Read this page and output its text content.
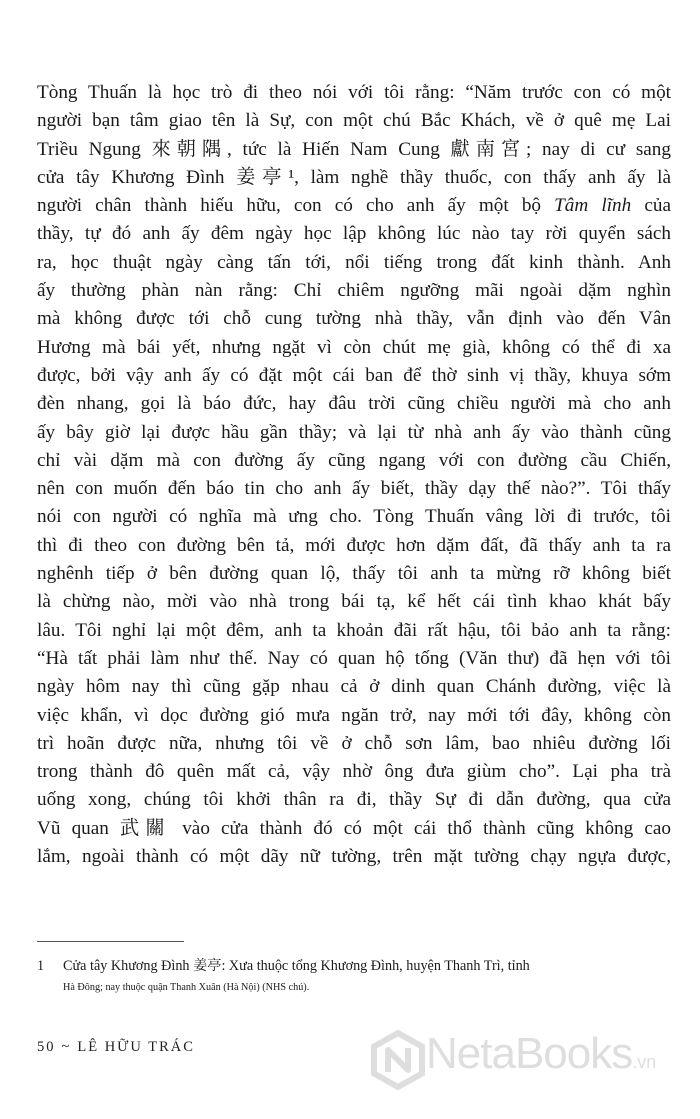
Tòng Thuấn là học trò đi theo nói với tôi rằng: “Năm trước con có một
người bạn tâm giao tên là Sự, con một chú Bắc Khách, về ở quê mẹ Lai
Triều Ngung 來朝隅, tức là Hiến Nam Cung 獻南宮; nay di cư sang
cửa tây Khương Đình 姜亭¹, làm nghề thầy thuốc, con thấy anh ấy là
người chân thành hiếu hữu, con có cho anh ấy một bộ Tâm lĩnh của
thầy, tự đó anh ấy đêm ngày học lập không lúc nào tay rời quyển sách
ra, học thuật ngày càng tấn tới, nổi tiếng trong đất kinh thành. Anh
ấy thường phàn nàn rằng: Chỉ chiêm ngưỡng mãi ngoài dặm nghìn
mà không được tới chỗ cung tường nhà thầy, vẫn định vào đến Vân
Hương mà bái yết, nhưng ngặt vì còn chút mẹ già, không có thể đi xa
được, bởi vậy anh ấy có đặt một cái ban để thờ sinh vị thầy, khuya sớm
đèn nhang, gọi là báo đức, hay đâu trời cũng chiều người mà cho anh
ấy bây giờ lại được hầu gần thầy; và lại từ nhà anh ấy vào thành cũng
chỉ vài dặm mà con đường ấy cũng ngang với con đường cầu Chiến,
nên con muốn đến báo tin cho anh ấy biết, thầy dạy thế nào?”. Tôi thấy
nói con người có nghĩa mà ưng cho. Tòng Thuấn vâng lời đi trước, tôi
thì đi theo con đường bên tả, mới được hơn dặm đất, đã thấy anh ta ra
nghênh tiếp ở bên đường quan lộ, thấy tôi anh ta mừng rỡ không biết
là chừng nào, mời vào nhà trong bái tạ, kể hết cái tình khao khát bấy
lâu. Tôi nghỉ lại một đêm, anh ta khoản đãi rất hậu, tôi bảo anh ta rằng:
“Hà tất phải làm như thế. Nay có quan hộ tống (Văn thư) đã hẹn với tôi
ngày hôm nay thì cũng gặp nhau cả ở dinh quan Chánh đường, việc là
việc khẩn, vì dọc đường gió mưa ngăn trở, nay mới tới đây, không còn
trì hoãn được nữa, nhưng tôi về ở chỗ sơn lâm, bao nhiêu đường lối
trong thành đô quên mất cả, vậy nhờ ông đưa giùm cho”. Lại pha trà
uống xong, chúng tôi khởi thân ra đi, thầy Sự đi dẫn đường, qua cửa
Vũ quan 武關 vào cửa thành đó có một cái thổ thành cũng không cao
lắm, ngoài thành có một dãy nữ tường, trên mặt tường chạy ngựa được,
1 Cửa tây Khương Đình 姜亭: Xưa thuộc tổng Khương Đình, huyện Thanh Trì, tỉnh
Hà Đông; nay thuộc quận Thanh Xuân (Hà Nội) (NHS chú).
50 ~ LÊ HỮU TRÁC	NetaBooks.vn
